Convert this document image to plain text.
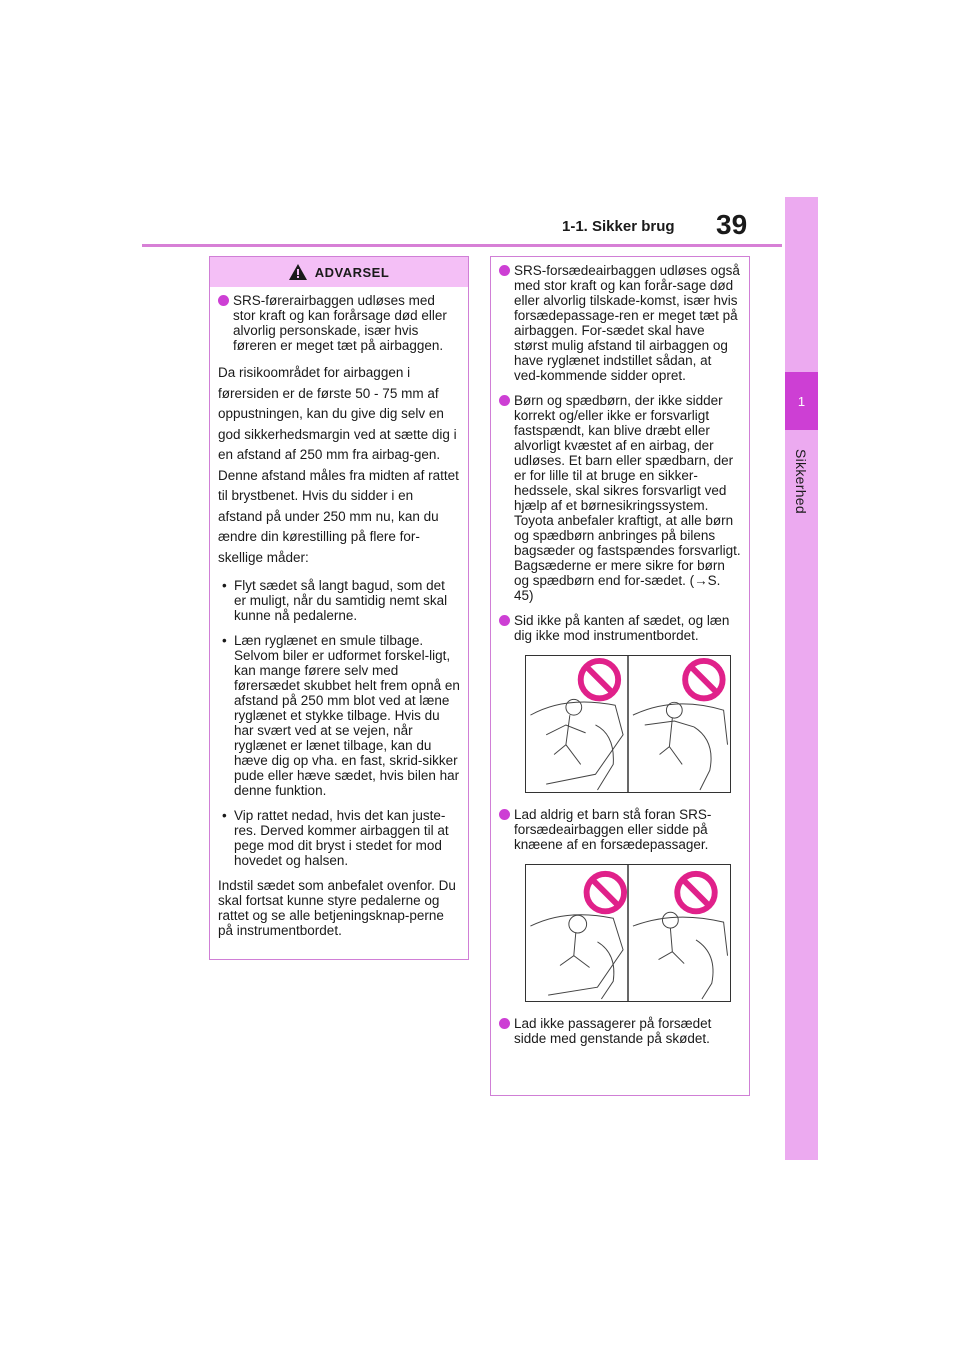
1-1. Sikker brug 39
1
Sikkerhed
ADVARSEL
SRS-førerairbaggen udløses med stor kraft og kan forårsage død eller alvorlig personskade, især hvis føreren er meget tæt på airbaggen.
Da risikoområdet for airbaggen i førersiden er de første 50 - 75 mm af oppustningen, kan du give dig selv en god sikkerhedsmargin ved at sætte dig i en afstand af 250 mm fra airbag-gen. Denne afstand måles fra midten af rattet til brystbenet. Hvis du sidder i en afstand på under 250 mm nu, kan du ændre din kørestilling på flere for-skellige måder:
• Flyt sædet så langt bagud, som det er muligt, når du samtidig nemt skal kunne nå pedalerne.
• Læn ryglænet en smule tilbage. Selvom biler er udformet forskel-ligt, kan mange førere selv med førersædet skubbet helt frem opnå en afstand på 250 mm blot ved at læne ryglænet et stykke tilbage. Hvis du har svært ved at se vejen, når ryglænet er lænet tilbage, kan du hæve dig op vha. en fast, skrid-sikker pude eller hæve sædet, hvis bilen har denne funktion.
• Vip rattet nedad, hvis det kan juste-res. Derved kommer airbaggen til at pege mod dit bryst i stedet for mod hovedet og halsen.
Indstil sædet som anbefalet ovenfor. Du skal fortsat kunne styre pedalerne og rattet og se alle betjeningsknap-perne på instrumentbordet.
SRS-forsædeairbaggen udløses også med stor kraft og kan forår-sage død eller alvorlig tilskade-komst, især hvis forsædepassage-ren er meget tæt på airbaggen. For-sædet skal have størst mulig afstand til airbaggen og have ryglænet indstillet sådan, at ved-kommende sidder opret.
Børn og spædbørn, der ikke sidder korrekt og/eller ikke er forsvarligt fastspændt, kan blive dræbt eller alvorligt kvæstet af en airbag, der udløses. Et barn eller spædbarn, der er for lille til at bruge en sikker-hedssele, skal sikres forsvarligt ved hjælp af et børnesikringssystem. Toyota anbefaler kraftigt, at alle børn og spædbørn anbringes på bilens bagsæder og fastspændes forsvarligt. Bagsæderne er mere sikre for børn og spædbørn end for-sædet. (→S. 45)
Sid ikke på kanten af sædet, og læn dig ikke mod instrumentbordet.
Lad aldrig et barn stå foran SRS-forsædeairbaggen eller sidde på knæene af en forsædepassager.
Lad ikke passagerer på forsædet sidde med genstande på skødet.
